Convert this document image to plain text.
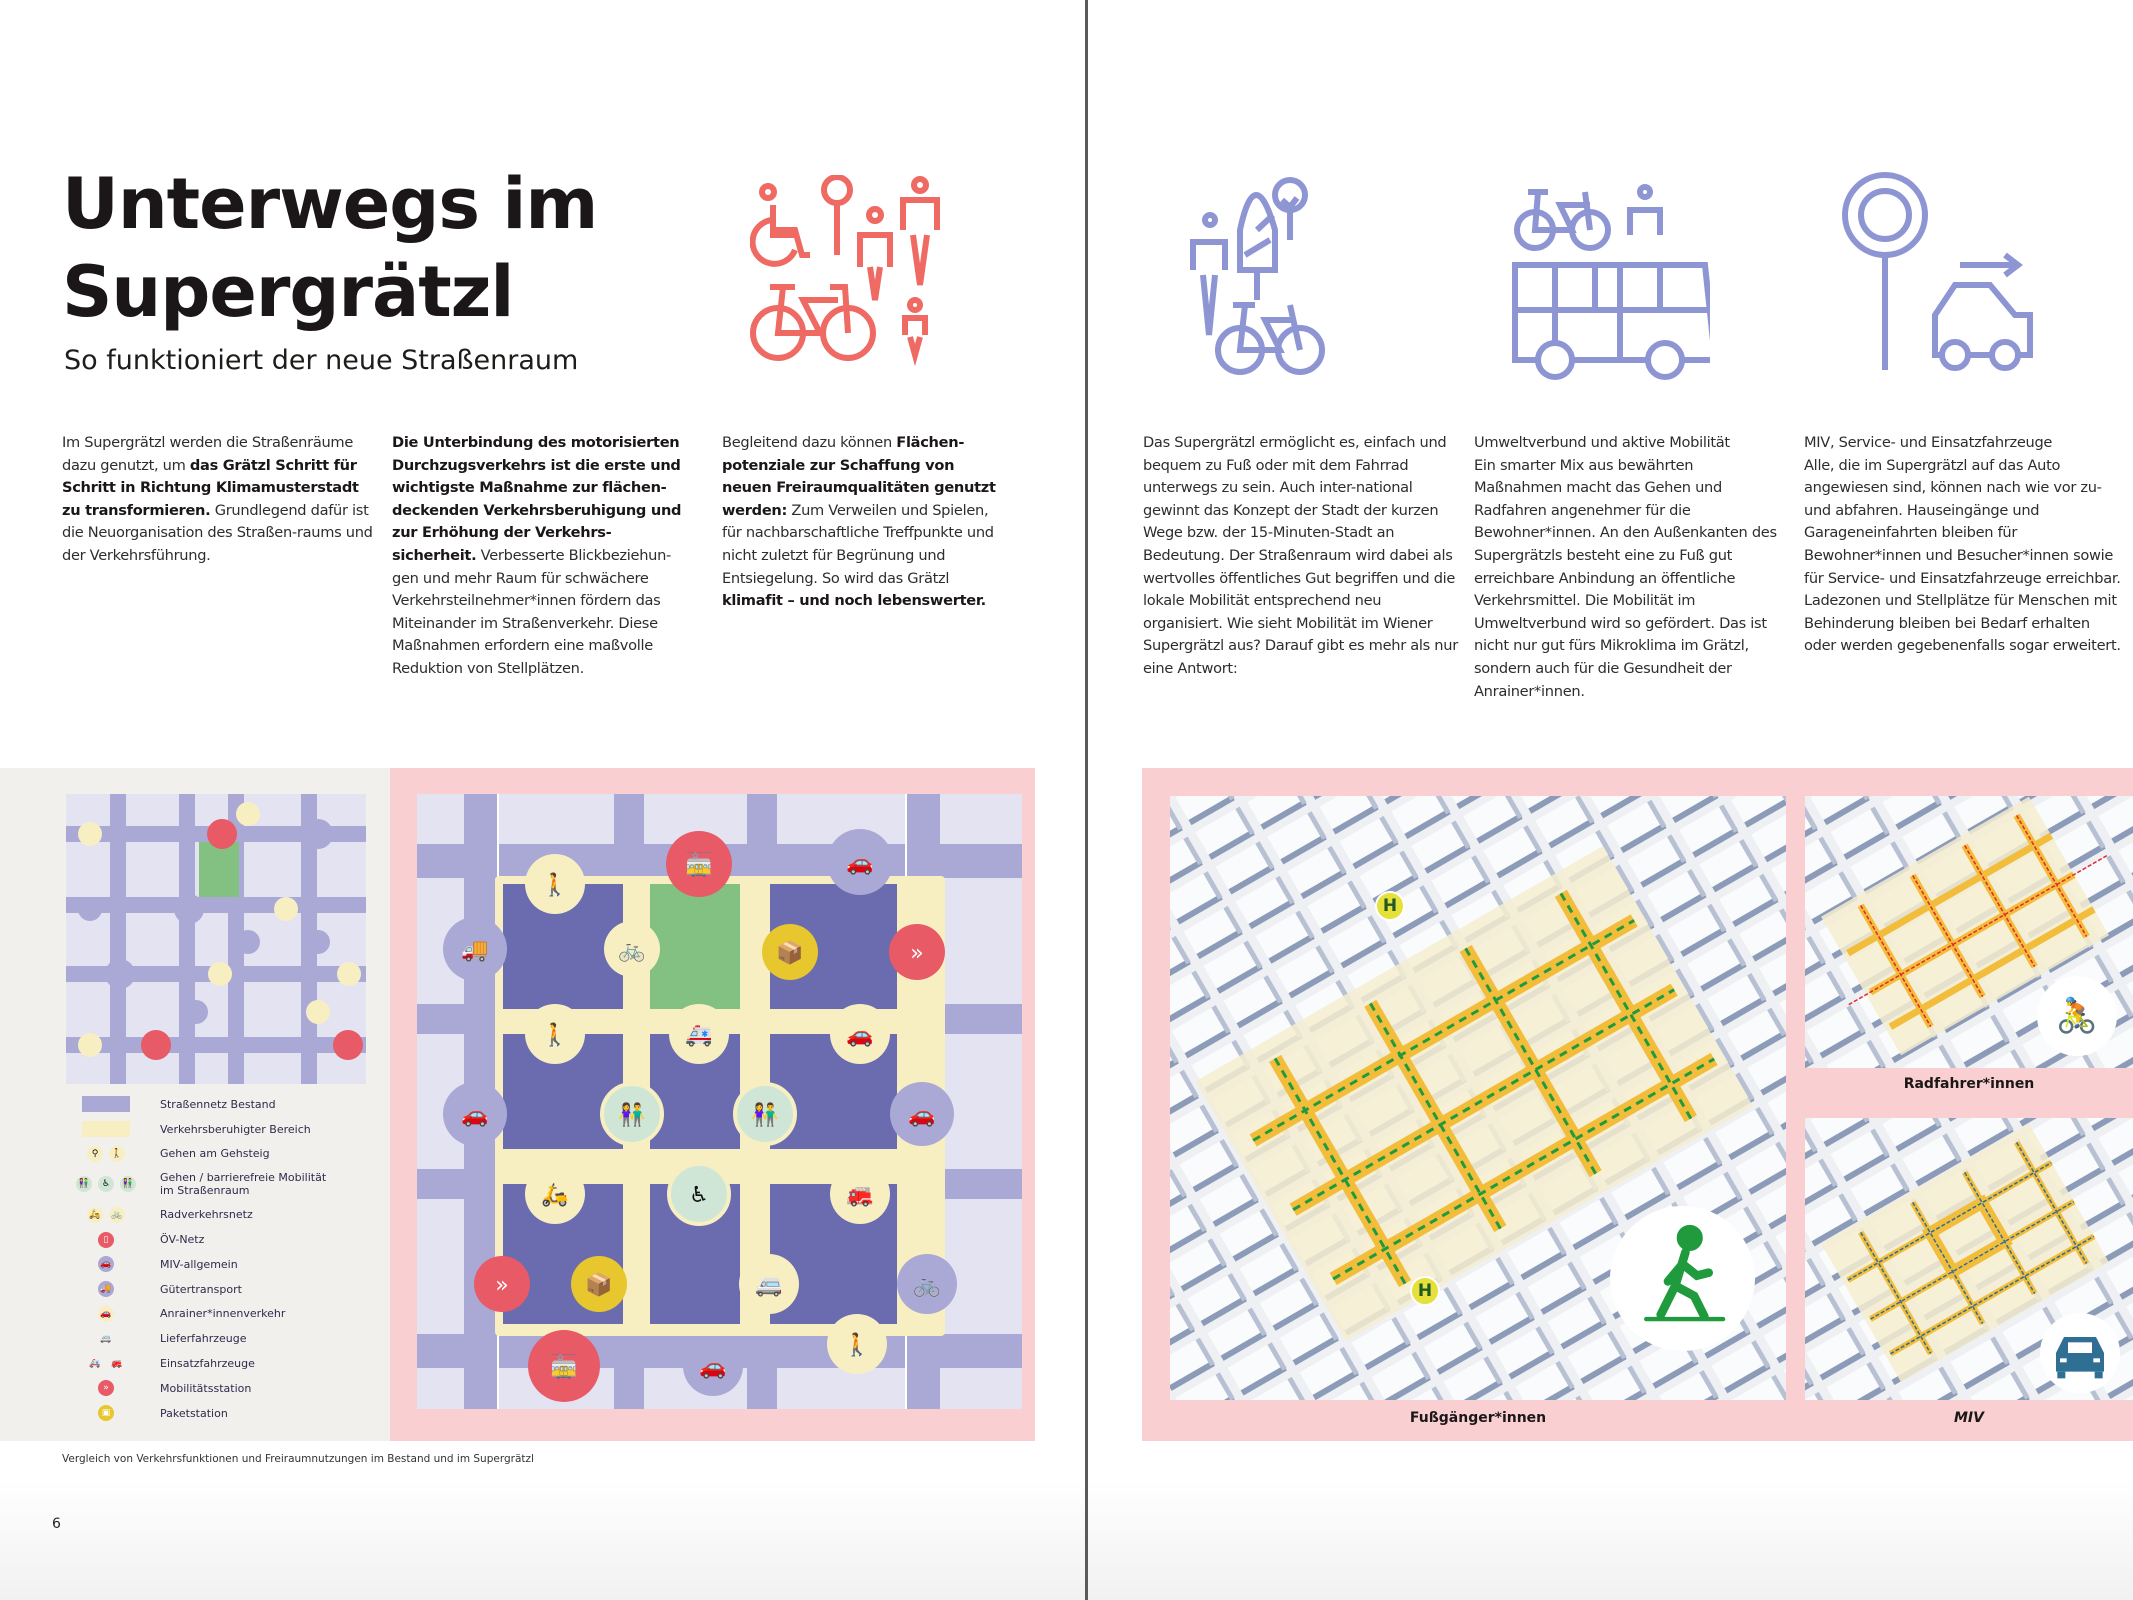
Unterwegs im
Supergrätzl
So funktioniert der neue Straßenraum
Im Supergrätzl werden die Straßenräume dazu genutzt, um das Grätzl Schritt für Schritt in Richtung Klimamusterstadt zu transformieren. Grundlegend dafür ist die Neuorganisation des Straßen-raums und der Verkehrsführung.
Die Unterbindung des motorisierten Durchzugsverkehrs ist die erste und wichtigste Maßnahme zur flächen-deckenden Verkehrsberuhigung und zur Erhöhung der Verkehrs-sicherheit. Verbesserte Blickbeziehun-gen und mehr Raum für schwächere Verkehrsteilnehmer*innen fördern das Miteinander im Straßenverkehr. Diese Maßnahmen erfordern eine maßvolle Reduktion von Stellplätzen.
Begleitend dazu können Flächen-potenziale zur Schaffung von neuen Freiraumqualitäten genutzt werden: Zum Verweilen und Spielen, für nachbarschaftliche Treffpunkte und nicht zuletzt für Begrünung und Entsiegelung. So wird das Grätzl klimafit – und noch lebenswerter.
🚶
🚋	🚗
🚚	🚲	📦	»
🚶	🚑	🚗
🚗	👫	👫	🚗
🛵	♿	🚒
»	📦	🚐	🚲
🚋	🚗
🚶
Straßennetz Bestand
Verkehrsberuhigter Bereich
⚲	🚶	Gehen am Gehsteig
👫	♿	👫 Gehen / barrierefreie Mobilität im Straßenraum
🛵 🚲	Radverkehrsnetz
▯	ÖV-Netz
🚗	MIV-allgemein
🚚	Gütertransport
🚗	Anrainer*innenverkehr
🚐	Lieferfahrzeuge
🚑 🚒	Einsatzfahrzeuge
»	Mobilitätsstation
▣	Paketstation
Vergleich von Verkehrsfunktionen und Freiraumnutzungen im Bestand und im Supergrätzl
6
Das Supergrätzl ermöglicht es, einfach und bequem zu Fuß oder mit dem Fahrrad unterwegs zu sein. Auch inter-national gewinnt das Konzept der Stadt der kurzen Wege bzw. der 15-Minuten-Stadt an Bedeutung. Der Straßenraum wird dabei als wertvolles öffentliches Gut begriffen und die lokale Mobilität entsprechend neu organisiert. Wie sieht Mobilität im Wiener Supergrätzl aus? Darauf gibt es mehr als nur eine Antwort:
Umweltverbund und aktive Mobilität
Ein smarter Mix aus bewährten Maßnahmen macht das Gehen und Radfahren angenehmer für die Bewohner*innen. An den Außenkanten des Supergrätzls besteht eine zu Fuß gut erreichbare Anbindung an öffentliche Verkehrsmittel. Die Mobilität im Umweltverbund wird so gefördert. Das ist nicht nur gut fürs Mikroklima im Grätzl, sondern auch für die Gesundheit der Anrainer*innen.
MIV, Service- und Einsatzfahrzeuge
Alle, die im Supergrätzl auf das Auto angewiesen sind, können nach wie vor zu- und abfahren. Hauseingänge und Garageneinfahrten bleiben für Bewohner*innen und Besucher*innen sowie für Service- und Einsatzfahrzeuge erreichbar. Ladezonen und Stellplätze für Menschen mit Behinderung bleiben bei Bedarf erhalten oder werden gegebenenfalls sogar erweitert.
H
H
Fußgänger*innen
🚴
Radfahrer*innen
MIV
